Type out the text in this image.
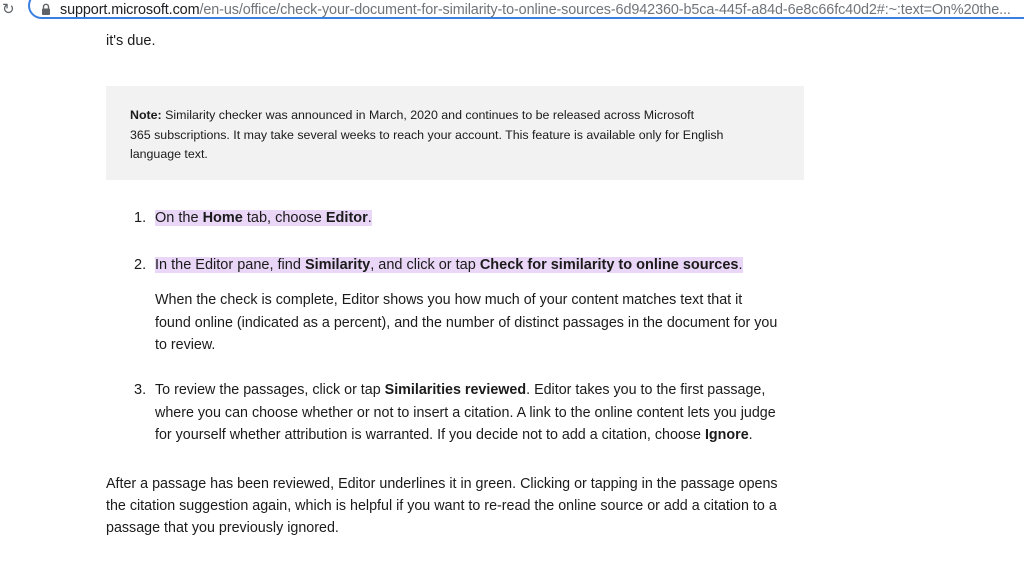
↻	support.microsoft.com/en-us/office/check-your-document-for-similarity-to-online-sources-6d942360-b5ca-445f-a84d-6e8c66fc40d2#:~:text=On%20the...
it's due.
Note: Similarity checker was announced in March, 2020 and continues to be released across Microsoft
365 subscriptions. It may take several weeks to reach your account. This feature is available only for English
language text.
1. On the Home tab, choose Editor.
2. In the Editor pane, find Similarity, and click or tap Check for similarity to online sources.
When the check is complete, Editor shows you how much of your content matches text that it
found online (indicated as a percent), and the number of distinct passages in the document for you
to review.
3. To review the passages, click or tap Similarities reviewed. Editor takes you to the first passage,
where you can choose whether or not to insert a citation. A link to the online content lets you judge
for yourself whether attribution is warranted. If you decide not to add a citation, choose Ignore.
After a passage has been reviewed, Editor underlines it in green. Clicking or tapping in the passage opens
the citation suggestion again, which is helpful if you want to re-read the online source or add a citation to a
passage that you previously ignored.
